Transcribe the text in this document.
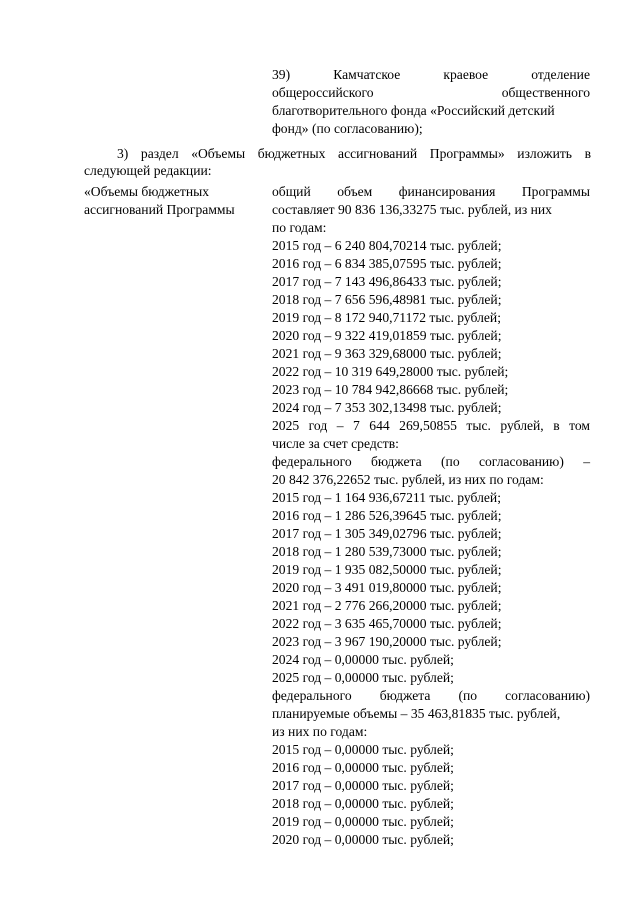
39) Камчатское краевое отделение
общероссийского общественного
благотворительного фонда «Российский детский
фонд» (по согласованию);
3) раздел «Объемы бюджетных ассигнований Программы» изложить в
следующей редакции:
«Объемы бюджетных
ассигнований Программы
общий объем финансирования Программы
составляет 90 836 136,33275 тыс. рублей, из них
по годам:
2015 год – 6 240 804,70214 тыс. рублей;
2016 год – 6 834 385,07595 тыс. рублей;
2017 год – 7 143 496,86433 тыс. рублей;
2018 год – 7 656 596,48981 тыс. рублей;
2019 год – 8 172 940,71172 тыс. рублей;
2020 год – 9 322 419,01859 тыс. рублей;
2021 год – 9 363 329,68000 тыс. рублей;
2022 год – 10 319 649,28000 тыс. рублей;
2023 год – 10 784 942,86668 тыс. рублей;
2024 год – 7 353 302,13498 тыс. рублей;
2025 год – 7 644 269,50855 тыс. рублей, в том
числе за счет средств:
федерального бюджета (по согласованию) –
20 842 376,22652 тыс. рублей, из них по годам:
2015 год – 1 164 936,67211 тыс. рублей;
2016 год – 1 286 526,39645 тыс. рублей;
2017 год – 1 305 349,02796 тыс. рублей;
2018 год – 1 280 539,73000 тыс. рублей;
2019 год – 1 935 082,50000 тыс. рублей;
2020 год – 3 491 019,80000 тыс. рублей;
2021 год – 2 776 266,20000 тыс. рублей;
2022 год – 3 635 465,70000 тыс. рублей;
2023 год – 3 967 190,20000 тыс. рублей;
2024 год – 0,00000 тыс. рублей;
2025 год – 0,00000 тыс. рублей;
федерального бюджета (по согласованию)
планируемые объемы – 35 463,81835 тыс. рублей,
из них по годам:
2015 год – 0,00000 тыс. рублей;
2016 год – 0,00000 тыс. рублей;
2017 год – 0,00000 тыс. рублей;
2018 год – 0,00000 тыс. рублей;
2019 год – 0,00000 тыс. рублей;
2020 год – 0,00000 тыс. рублей;
